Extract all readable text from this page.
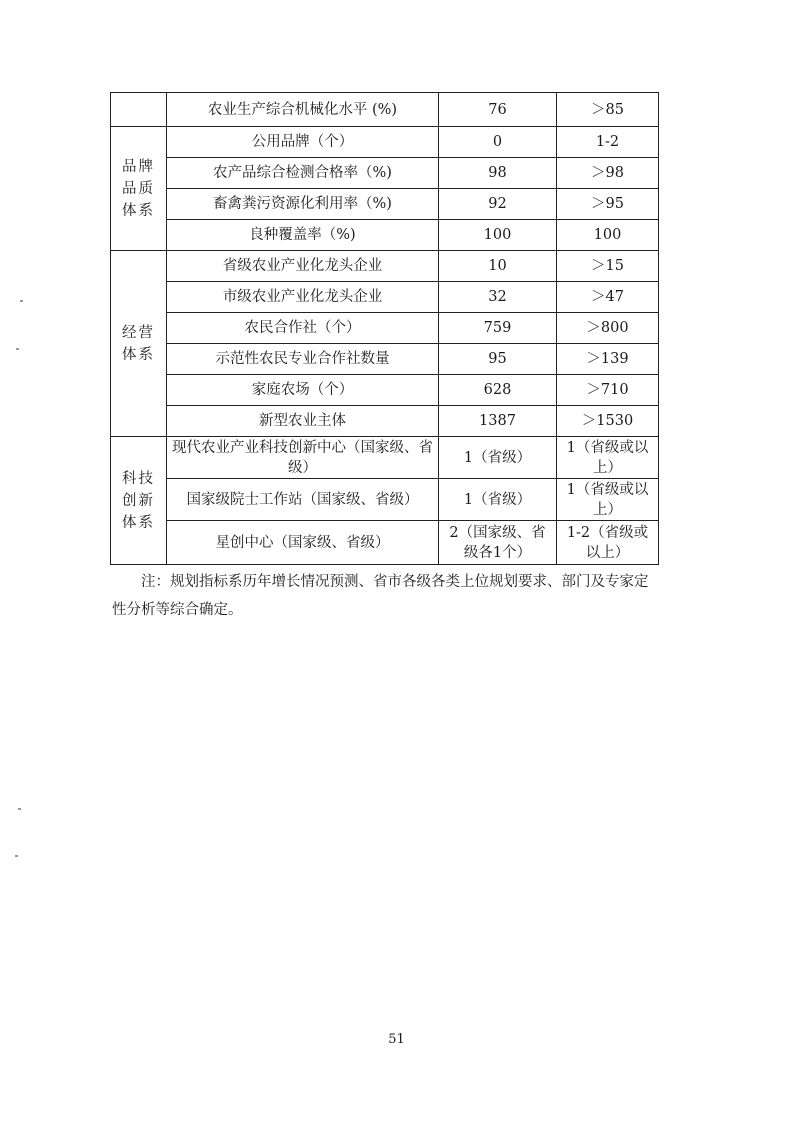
	农业生产综合机械化水平 (%)	76	＞85

品牌
品质
体系	公用品牌（个）	0	1-2
	农产品综合检测合格率（%)	98	＞98
	畜禽粪污资源化利用率（%)	92	＞95
	良种覆盖率（%)	100	100

经营
体系	省级农业产业化龙头企业	10	＞15
	市级农业产业化龙头企业	32	＞47
	农民合作社（个）	759	＞800
	示范性农民专业合作社数量	95	＞139
	家庭农场（个）	628	＞710
	新型农业主体	1387	＞1530

科技
创新
体系	现代农业产业科技创新中心（国家级、省级）	1（省级）	1（省级或以上）
	国家级院士工作站（国家级、省级）	1（省级）	1（省级或以上）
	星创中心（国家级、省级）	2（国家级、省级各1个）	1-2（省级或以上）

注：规划指标系历年增长情况预测、省市各级各类上位规划要求、部门及专家定性分析等综合确定。

51
